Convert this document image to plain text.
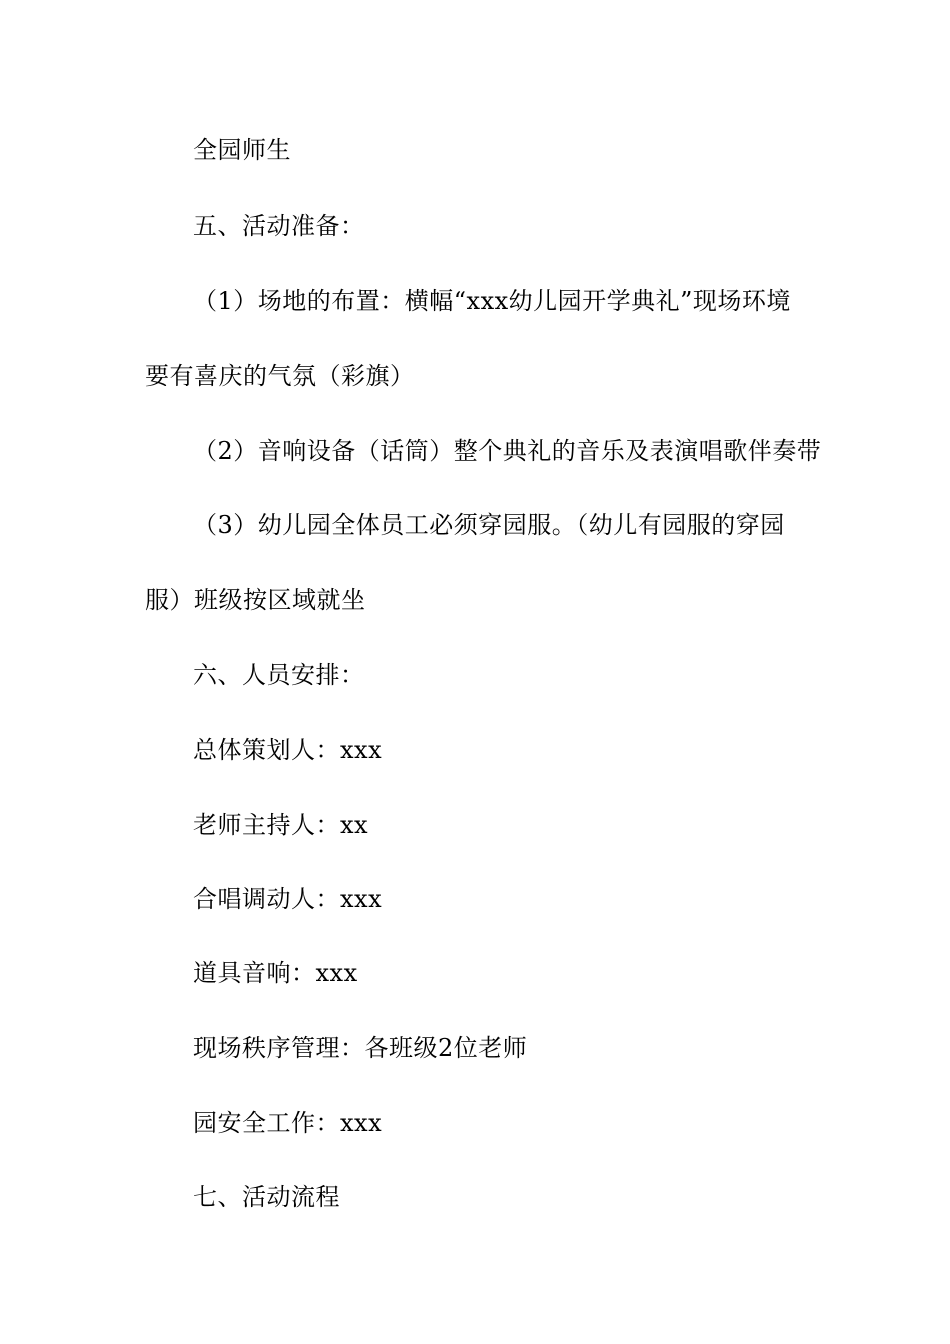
全园师生
五、活动准备：
（1）场地的布置：横幅“xxx幼儿园开学典礼”现场环境
要有喜庆的气氛（彩旗）
（2）音响设备（话筒）整个典礼的音乐及表演唱歌伴奏带
（3）幼儿园全体员工必须穿园服。（幼儿有园服的穿园
服）班级按区域就坐
六、人员安排：
总体策划人：xxx
老师主持人：xx
合唱调动人：xxx
道具音响：xxx
现场秩序管理：各班级2位老师
园安全工作：xxx
七、活动流程
